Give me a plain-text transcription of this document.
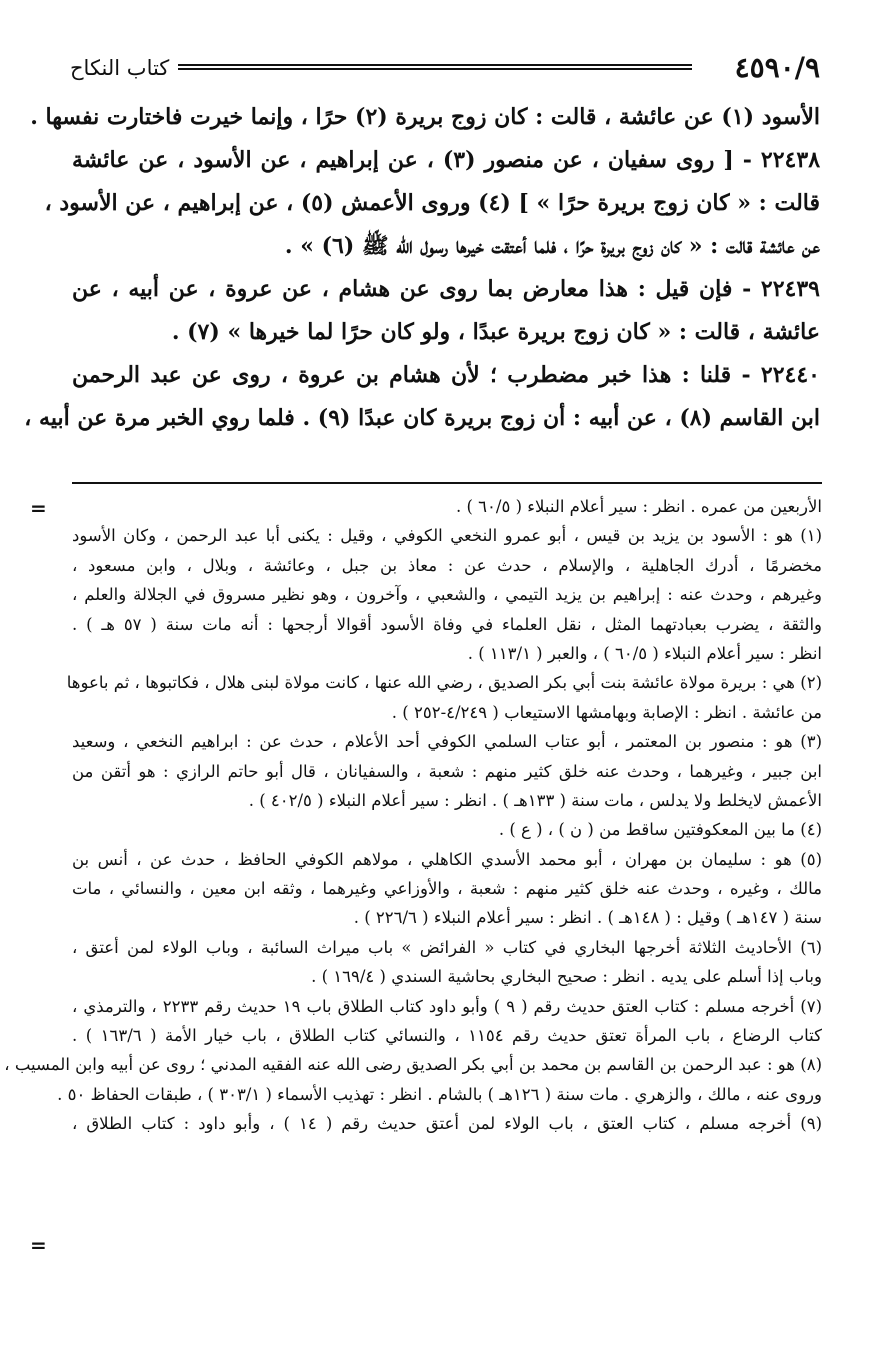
٤٥٩٠/٩
كتاب النكاح
الأسود (١) عن عائشة ، قالت : كان زوج بريرة (٢) حرًا ، وإنما خيرت فاختارت نفسها .
٢٢٤٣٨ - [ روى سفيان ، عن منصور (٣) ، عن إبراهيم ، عن الأسود ، عن عائشة
قالت : « كان زوج بريرة حرًا » ] (٤) وروى الأعمش (٥) ، عن إبراهيم ، عن الأسود ،
عن عائشة قالت : « كان زوج بريرة حرًا ، فلما أعتقت خيرها رسول الله ﷺ (٦) » .
٢٢٤٣٩ - فإن قيل : هذا معارض بما روى عن هشام ، عن عروة ، عن أبيه ، عن
عائشة ، قالت : « كان زوج بريرة عبدًا ، ولو كان حرًا لما خيرها » (٧) .
٢٢٤٤٠ - قلنا : هذا خبر مضطرب ؛ لأن هشام بن عروة ، روى عن عبد الرحمن
ابن القاسم (٨) ، عن أبيه : أن زوج بريرة كان عبدًا (٩) . فلما روي الخبر مرة عن أبيه ،
=
=
الأربعين من عمره . انظر : سير أعلام النبلاء ( ٦٠/٥ ) .
(١) هو : الأسود بن يزيد بن قيس ، أبو عمرو النخعي الكوفي ، وقيل : يكنى أبا عبد الرحمن ، وكان الأسود
مخضرمًا ، أدرك الجاهلية ، والإسلام ، حدث عن : معاذ بن جبل ، وعائشة ، وبلال ، وابن مسعود ،
وغيرهم ، وحدث عنه : إبراهيم بن يزيد التيمي ، والشعبي ، وآخرون ، وهو نظير مسروق في الجلالة والعلم ،
والثقة ، يضرب بعبادتهما المثل ، نقل العلماء في وفاة الأسود أقوالا أرجحها : أنه مات سنة ( ٥٧ هـ ) .
انظر : سير أعلام النبلاء ( ٦٠/٥ ) ، والعبر ( ١١٣/١ ) .
(٢) هي : بريرة مولاة عائشة بنت أبي بكر الصديق ، رضي الله عنها ، كانت مولاة لبنى هلال ، فكاتبوها ، ثم باعوها
من عائشة . انظر : الإصابة وبهامشها الاستيعاب ( ٤/٢٤٩-٢٥٢ ) .
(٣) هو : منصور بن المعتمر ، أبو عتاب السلمي الكوفي أحد الأعلام ، حدث عن : ابراهيم النخعي ، وسعيد
ابن جبير ، وغيرهما ، وحدث عنه خلق كثير منهم : شعبة ، والسفيانان ، قال أبو حاتم الرازي : هو أتقن من
الأعمش لايخلط ولا يدلس ، مات سنة ( ١٣٣هـ ) . انظر : سير أعلام النبلاء ( ٤٠٢/٥ ) .
(٤) ما بين المعكوفتين ساقط من ( ن ) ، ( ع ) .
(٥) هو : سليمان بن مهران ، أبو محمد الأسدي الكاهلي ، مولاهم الكوفي الحافظ ، حدث عن ، أنس بن
مالك ، وغيره ، وحدث عنه خلق كثير منهم : شعبة ، والأوزاعي وغيرهما ، وثقه ابن معين ، والنسائي ، مات
سنة ( ١٤٧هـ ) وقيل : ( ١٤٨هـ ) . انظر : سير أعلام النبلاء ( ٢٢٦/٦ ) .
(٦) الأحاديث الثلاثة أخرجها البخاري في كتاب « الفرائض » باب ميراث السائبة ، وباب الولاء لمن أعتق ،
وباب إذا أسلم على يديه . انظر : صحيح البخاري بحاشية السندي ( ١٦٩/٤ ) .
(٧) أخرجه مسلم : كتاب العتق حديث رقم ( ٩ ) وأبو داود كتاب الطلاق باب ١٩ حديث رقم ٢٢٣٣ ، والترمذي ،
كتاب الرضاع ، باب المرأة تعتق حديث رقم ١١٥٤ ، والنسائي كتاب الطلاق ، باب خيار الأمة ( ١٦٣/٦ ) .
(٨) هو : عبد الرحمن بن القاسم بن محمد بن أبي بكر الصديق رضى الله عنه الفقيه المدني ؛ روى عن أبيه وابن المسيب ،
وروى عنه ، مالك ، والزهري . مات سنة ( ١٢٦هـ ) بالشام . انظر : تهذيب الأسماء ( ٣٠٣/١ ) ، طبقات الحفاظ ٥٠ .
(٩) أخرجه مسلم ، كتاب العتق ، باب الولاء لمن أعتق حديث رقم ( ١٤ ) ، وأبو داود : كتاب الطلاق ،
